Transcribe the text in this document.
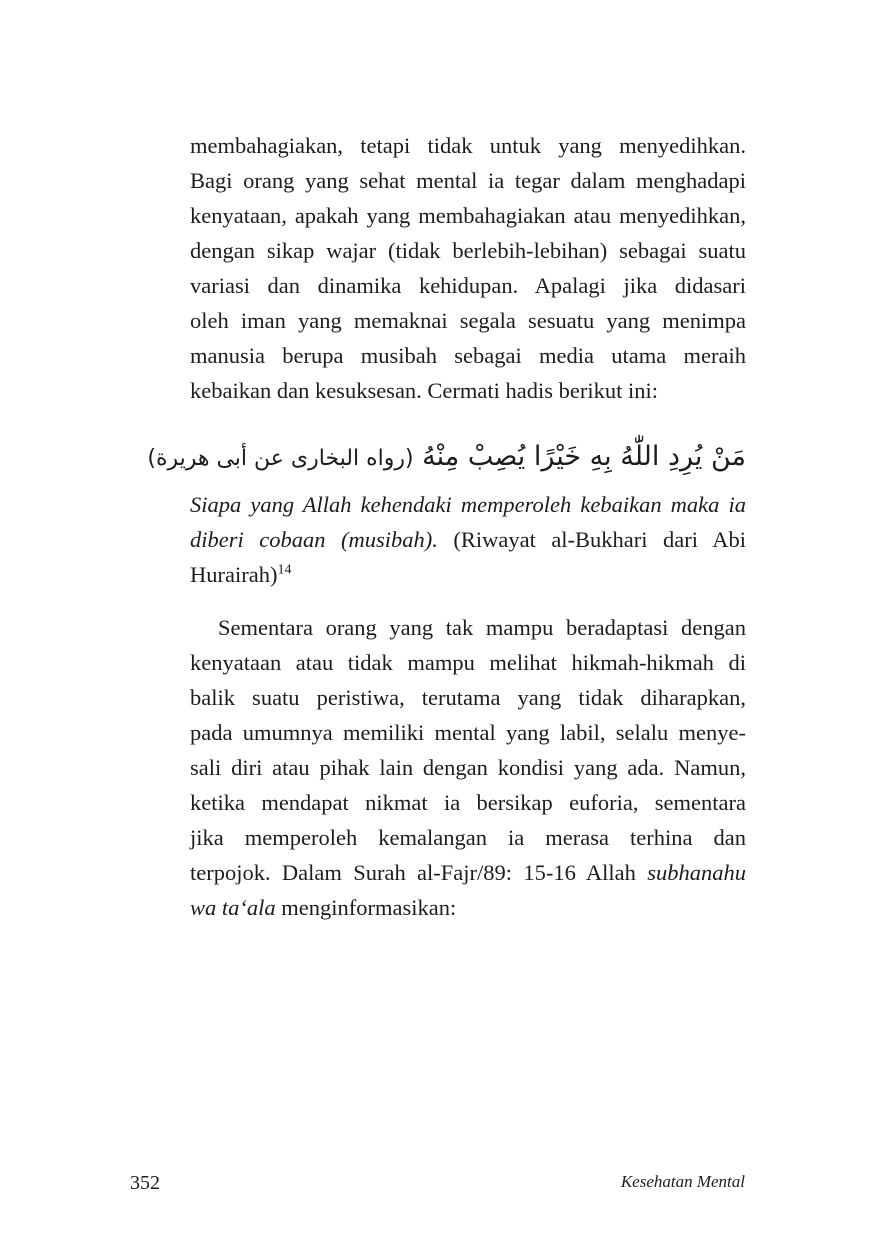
membahagiakan, tetapi tidak untuk yang menyedihkan.
Bagi orang yang sehat mental ia tegar dalam menghadapi
kenyataan, apakah yang membahagiakan atau menyedihkan,
dengan sikap wajar (tidak berlebih-lebihan) sebagai suatu
variasi dan dinamika kehidupan. Apalagi jika didasari
oleh iman yang memaknai segala sesuatu yang menimpa
manusia berupa musibah sebagai media utama meraih
kebaikan dan kesuksesan. Cermati hadis berikut ini:
مَنْ يُرِدِ اللّٰهُ بِهِ خَيْرًا يُصِبْ مِنْهُ (رواه البخارى عن أبى هريرة)
Siapa yang Allah kehendaki memperoleh kebaikan maka ia
diberi cobaan (musibah). (Riwayat al-Bukhari dari Abi
Hurairah)$^{14}$
Sementara orang yang tak mampu beradaptasi dengan
kenyataan atau tidak mampu melihat hikmah-hikmah di
balik suatu peristiwa, terutama yang tidak diharapkan,
pada umumnya memiliki mental yang labil, selalu menye-
sali diri atau pihak lain dengan kondisi yang ada. Namun,
ketika mendapat nikmat ia bersikap euforia, sementara
jika memperoleh kemalangan ia merasa terhina dan
terpojok. Dalam Surah al-Fajr/89: 15-16 Allah subhanahu
wa ta‘ala menginformasikan:
352	Kesehatan Mental
